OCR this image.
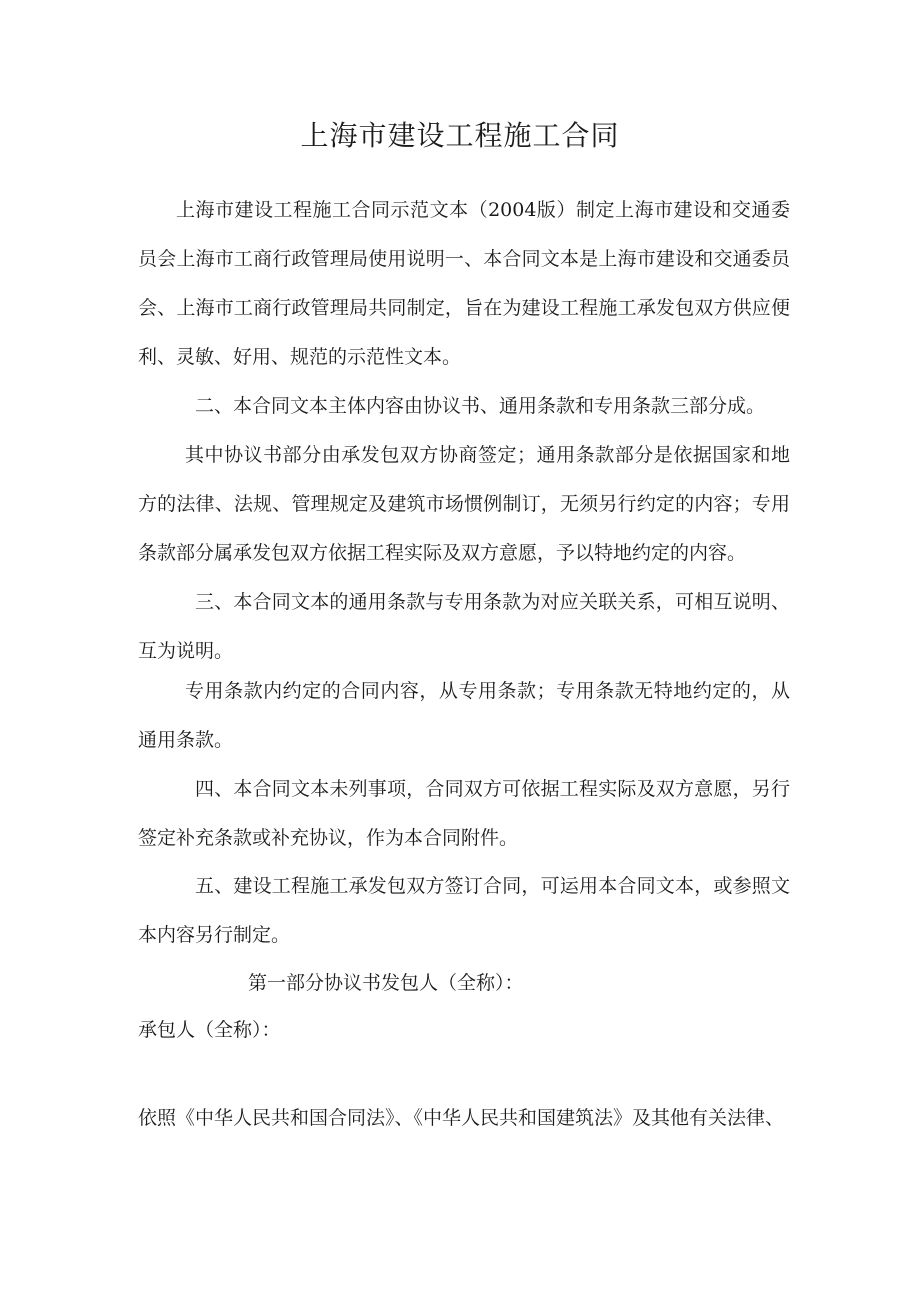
上海市建设工程施工合同
上海市建设工程施工合同示范文本（2004版）制定上海市建设和交通委员会上海市工商行政管理局使用说明一、本合同文本是上海市建设和交通委员会、上海市工商行政管理局共同制定，旨在为建设工程施工承发包双方供应便利、灵敏、好用、规范的示范性文本。
二、本合同文本主体内容由协议书、通用条款和专用条款三部分成。
其中协议书部分由承发包双方协商签定；通用条款部分是依据国家和地方的法律、法规、管理规定及建筑市场惯例制订，无须另行约定的内容；专用条款部分属承发包双方依据工程实际及双方意愿，予以特地约定的内容。
三、本合同文本的通用条款与专用条款为对应关联关系，可相互说明、互为说明。
专用条款内约定的合同内容，从专用条款；专用条款无特地约定的，从通用条款。
四、本合同文本未列事项，合同双方可依据工程实际及双方意愿，另行签定补充条款或补充协议，作为本合同附件。
五、建设工程施工承发包双方签订合同，可运用本合同文本，或参照文本内容另行制定。
第一部分协议书发包人（全称）：
承包人（全称）：
依照《中华人民共和国合同法》、《中华人民共和国建筑法》及其他有关法律、
